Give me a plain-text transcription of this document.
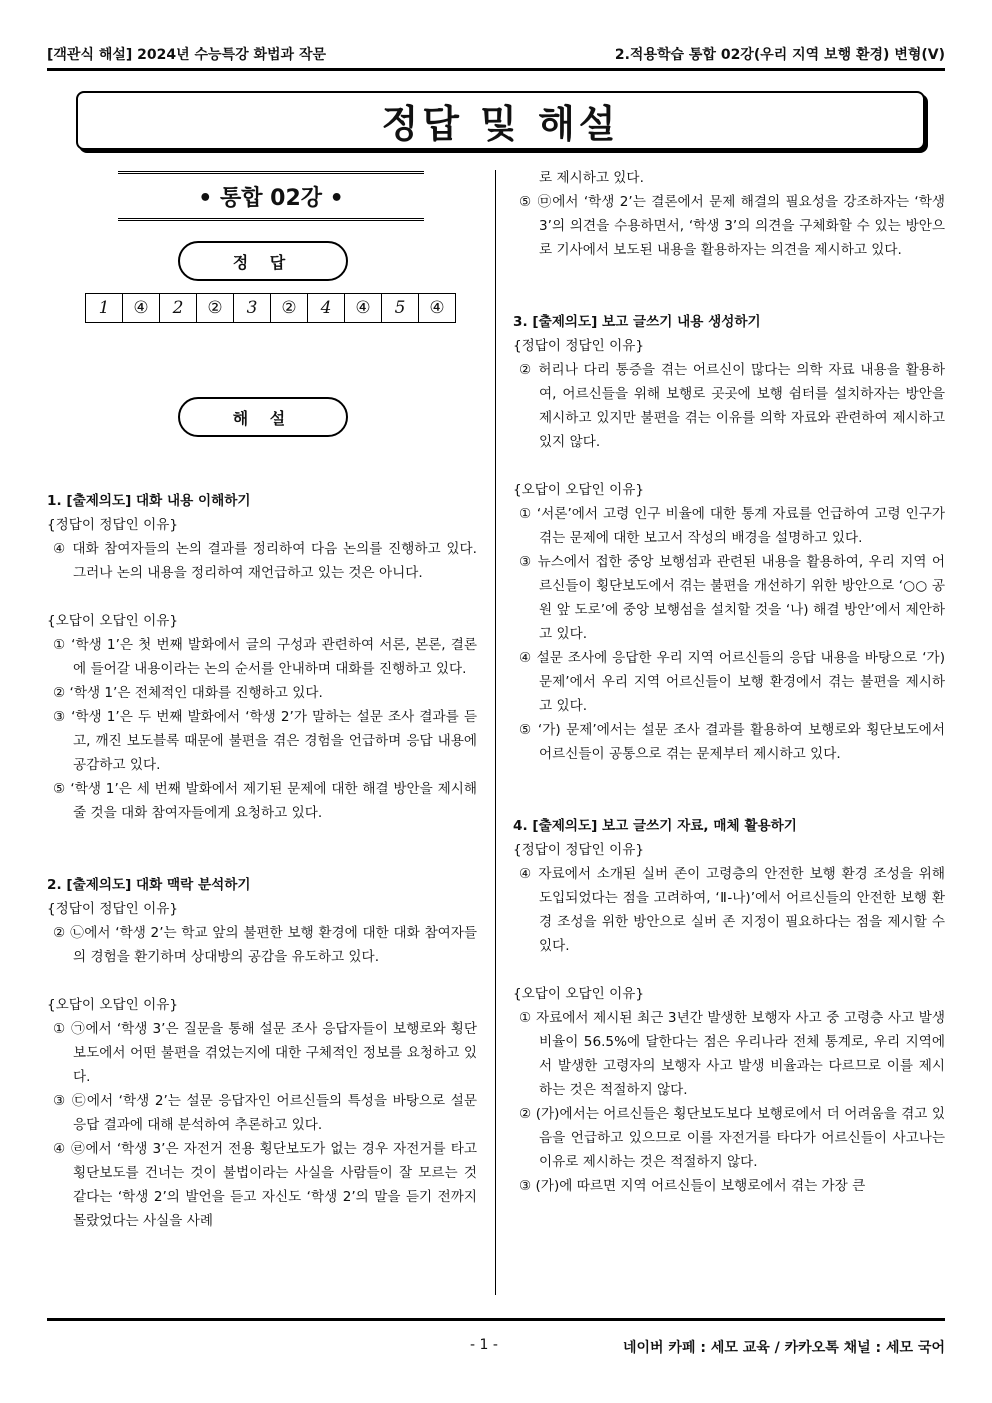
[객관식 해설] 2024년 수능특강 화법과 작문	2.적용학습 통합 02강(우리 지역 보행 환경) 변형(V)
정답 및 해설
• 통합 02강 •
정 답
1	④	2	②	3	②	4	④	5	④
해 설

1. [출제의도] 대화 내용 이해하기

{정답이 정답인 이유}

④ 대화 참여자들의 논의 결과를 정리하여 다음 논의를 진행하고 있다. 그러나 논의 내용을 정리하여 재언급하고 있는 것은 아니다.

{오답이 오답인 이유}

① ‘학생 1’은 첫 번째 발화에서 글의 구성과 관련하여 서론, 본론, 결론에 들어갈 내용이라는 논의 순서를 안내하며 대화를 진행하고 있다.

② ‘학생 1’은 전체적인 대화를 진행하고 있다.

③ ‘학생 1’은 두 번째 발화에서 ‘학생 2’가 말하는 설문 조사 결과를 듣고, 깨진 보도블록 때문에 불편을 겪은 경험을 언급하며 응답 내용에 공감하고 있다.

⑤ ‘학생 1’은 세 번째 발화에서 제기된 문제에 대한 해결 방안을 제시해 줄 것을 대화 참여자들에게 요청하고 있다.

2. [출제의도] 대화 맥락 분석하기

{정답이 정답인 이유}

② ㉡에서 ‘학생 2’는 학교 앞의 불편한 보행 환경에 대한 대화 참여자들의 경험을 환기하며 상대방의 공감을 유도하고 있다.

{오답이 오답인 이유}

① ㉠에서 ‘학생 3’은 질문을 통해 설문 조사 응답자들이 보행로와 횡단보도에서 어떤 불편을 겪었는지에 대한 구체적인 정보를 요청하고 있다.

③ ㉢에서 ‘학생 2’는 설문 응답자인 어르신들의 특성을 바탕으로 설문 응답 결과에 대해 분석하여 추론하고 있다.

④ ㉣에서 ‘학생 3’은 자전거 전용 횡단보도가 없는 경우 자전거를 타고 횡단보도를 건너는 것이 불법이라는 사실을 사람들이 잘 모르는 것 같다는 ‘학생 2’의 발언을 듣고 자신도 ‘학생 2’의 말을 듣기 전까지 몰랐었다는 사실을 사례

로 제시하고 있다.

⑤ ㉤에서 ‘학생 2’는 결론에서 문제 해결의 필요성을 강조하자는 ‘학생 3’의 의견을 수용하면서, ‘학생 3’의 의견을 구체화할 수 있는 방안으로 기사에서 보도된 내용을 활용하자는 의견을 제시하고 있다.

3. [출제의도] 보고 글쓰기 내용 생성하기

{정답이 정답인 이유}

② 허리나 다리 통증을 겪는 어르신이 많다는 의학 자료 내용을 활용하여, 어르신들을 위해 보행로 곳곳에 보행 쉼터를 설치하자는 방안을 제시하고 있지만 불편을 겪는 이유를 의학 자료와 관련하여 제시하고 있지 않다.

{오답이 오답인 이유}

① ‘서론’에서 고령 인구 비율에 대한 통계 자료를 언급하여 고령 인구가 겪는 문제에 대한 보고서 작성의 배경을 설명하고 있다.

③ 뉴스에서 접한 중앙 보행섬과 관련된 내용을 활용하여, 우리 지역 어르신들이 횡단보도에서 겪는 불편을 개선하기 위한 방안으로 ‘○○ 공원 앞 도로’에 중앙 보행섬을 설치할 것을 ‘나) 해결 방안’에서 제안하고 있다.

④ 설문 조사에 응답한 우리 지역 어르신들의 응답 내용을 바탕으로 ‘가) 문제’에서 우리 지역 어르신들이 보행 환경에서 겪는 불편을 제시하고 있다.

⑤ ‘가) 문제’에서는 설문 조사 결과를 활용하여 보행로와 횡단보도에서 어르신들이 공통으로 겪는 문제부터 제시하고 있다.

4. [출제의도] 보고 글쓰기 자료, 매체 활용하기

{정답이 정답인 이유}

④ 자료에서 소개된 실버 존이 고령층의 안전한 보행 환경 조성을 위해 도입되었다는 점을 고려하여, ‘Ⅱ-나)’에서 어르신들의 안전한 보행 환경 조성을 위한 방안으로 실버 존 지정이 필요하다는 점을 제시할 수 있다.

{오답이 오답인 이유}

① 자료에서 제시된 최근 3년간 발생한 보행자 사고 중 고령층 사고 발생 비율이 56.5%에 달한다는 점은 우리나라 전체 통계로, 우리 지역에서 발생한 고령자의 보행자 사고 발생 비율과는 다르므로 이를 제시하는 것은 적절하지 않다.

② (가)에서는 어르신들은 횡단보도보다 보행로에서 더 어려움을 겪고 있음을 언급하고 있으므로 이를 자전거를 타다가 어르신들이 사고나는 이유로 제시하는 것은 적절하지 않다.

③ (가)에 따르면 지역 어르신들이 보행로에서 겪는 가장 큰

- 1 -	네이버 카페 : 세모 교육 / 카카오톡 채널 : 세모 국어
